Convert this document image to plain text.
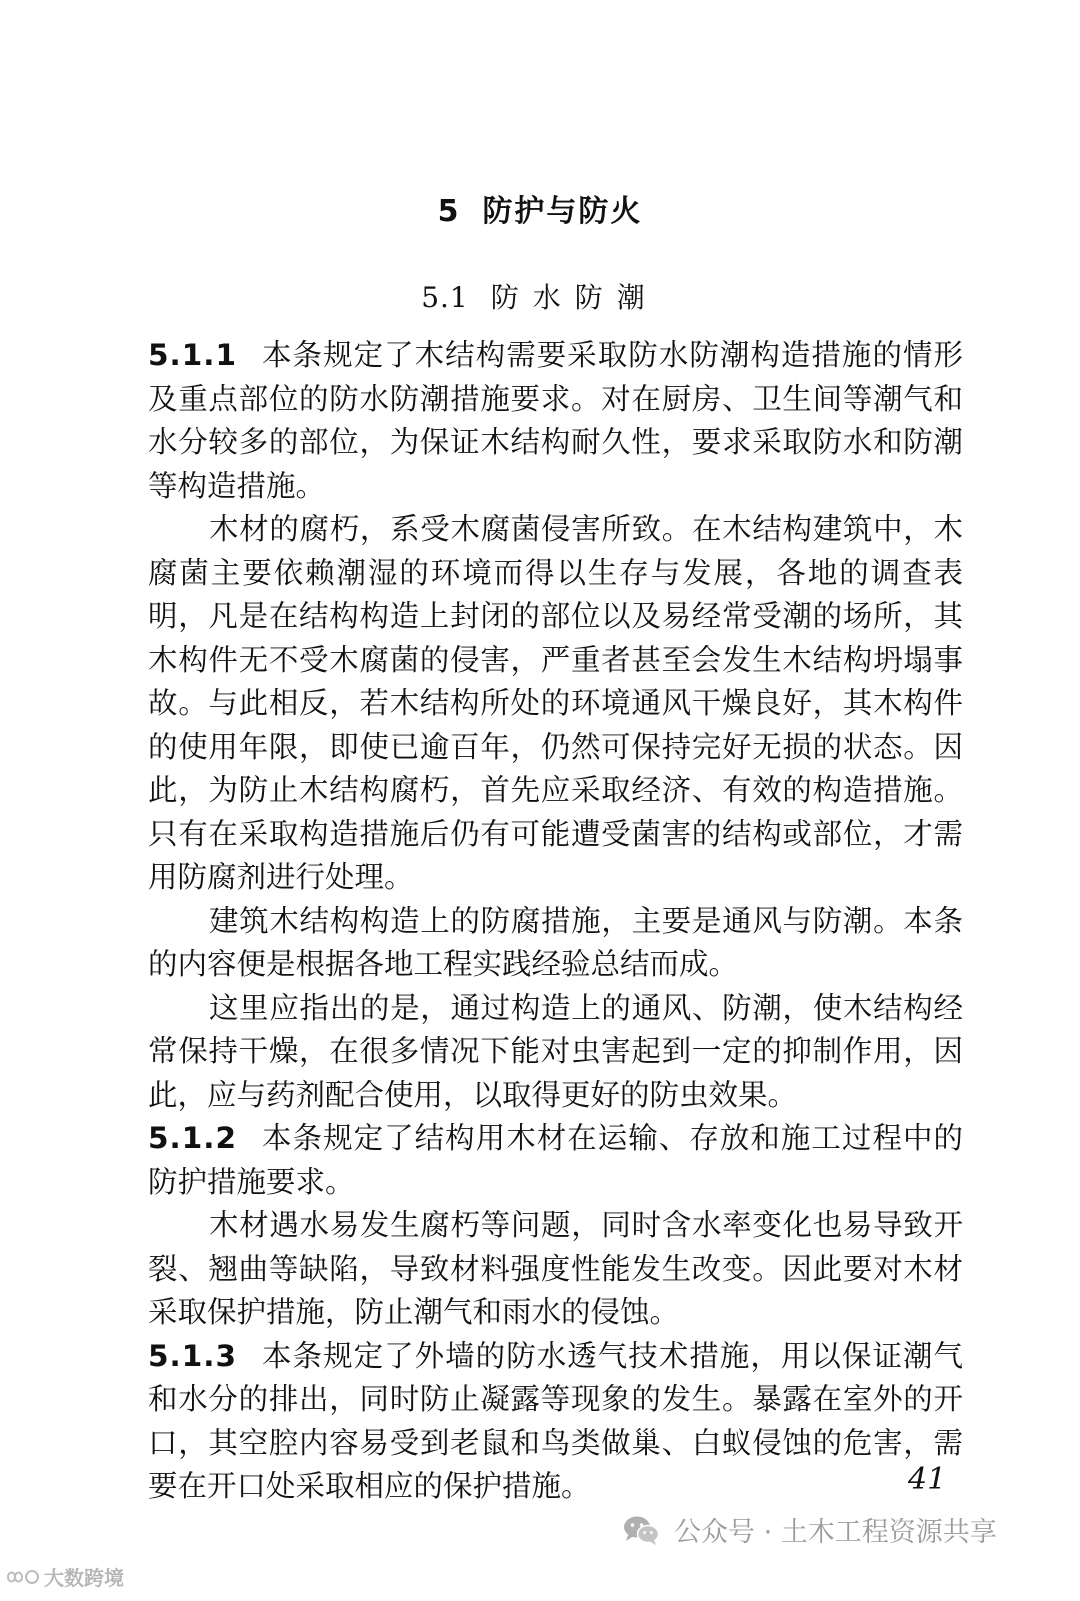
5 防护与防火
5.1 防水防潮

5.1.1 本条规定了木结构需要采取防水防潮构造措施的情形及重点部位的防水防潮措施要求。对在厨房、卫生间等潮气和水分较多的部位，为保证木结构耐久性，要求采取防水和防潮等构造措施。

木材的腐朽，系受木腐菌侵害所致。在木结构建筑中，木腐菌主要依赖潮湿的环境而得以生存与发展，各地的调查表明，凡是在结构构造上封闭的部位以及易经常受潮的场所，其木构件无不受木腐菌的侵害，严重者甚至会发生木结构坍塌事故。与此相反，若木结构所处的环境通风干燥良好，其木构件的使用年限，即使已逾百年，仍然可保持完好无损的状态。因此，为防止木结构腐朽，首先应采取经济、有效的构造措施。只有在采取构造措施后仍有可能遭受菌害的结构或部位，才需用防腐剂进行处理。

建筑木结构构造上的防腐措施，主要是通风与防潮。本条的内容便是根据各地工程实践经验总结而成。

这里应指出的是，通过构造上的通风、防潮，使木结构经常保持干燥，在很多情况下能对虫害起到一定的抑制作用，因此，应与药剂配合使用，以取得更好的防虫效果。

5.1.2 本条规定了结构用木材在运输、存放和施工过程中的防护措施要求。

木材遇水易发生腐朽等问题，同时含水率变化也易导致开裂、翘曲等缺陷，导致材料强度性能发生改变。因此要对木材采取保护措施，防止潮气和雨水的侵蚀。

5.1.3 本条规定了外墙的防水透气技术措施，用以保证潮气和水分的排出，同时防止凝露等现象的发生。暴露在室外的开口，其空腔内容易受到老鼠和鸟类做巢、白蚁侵蚀的危害，需要在开口处采取相应的保护措施。	41
公众号 · 土木工程资源共享
大数跨境
